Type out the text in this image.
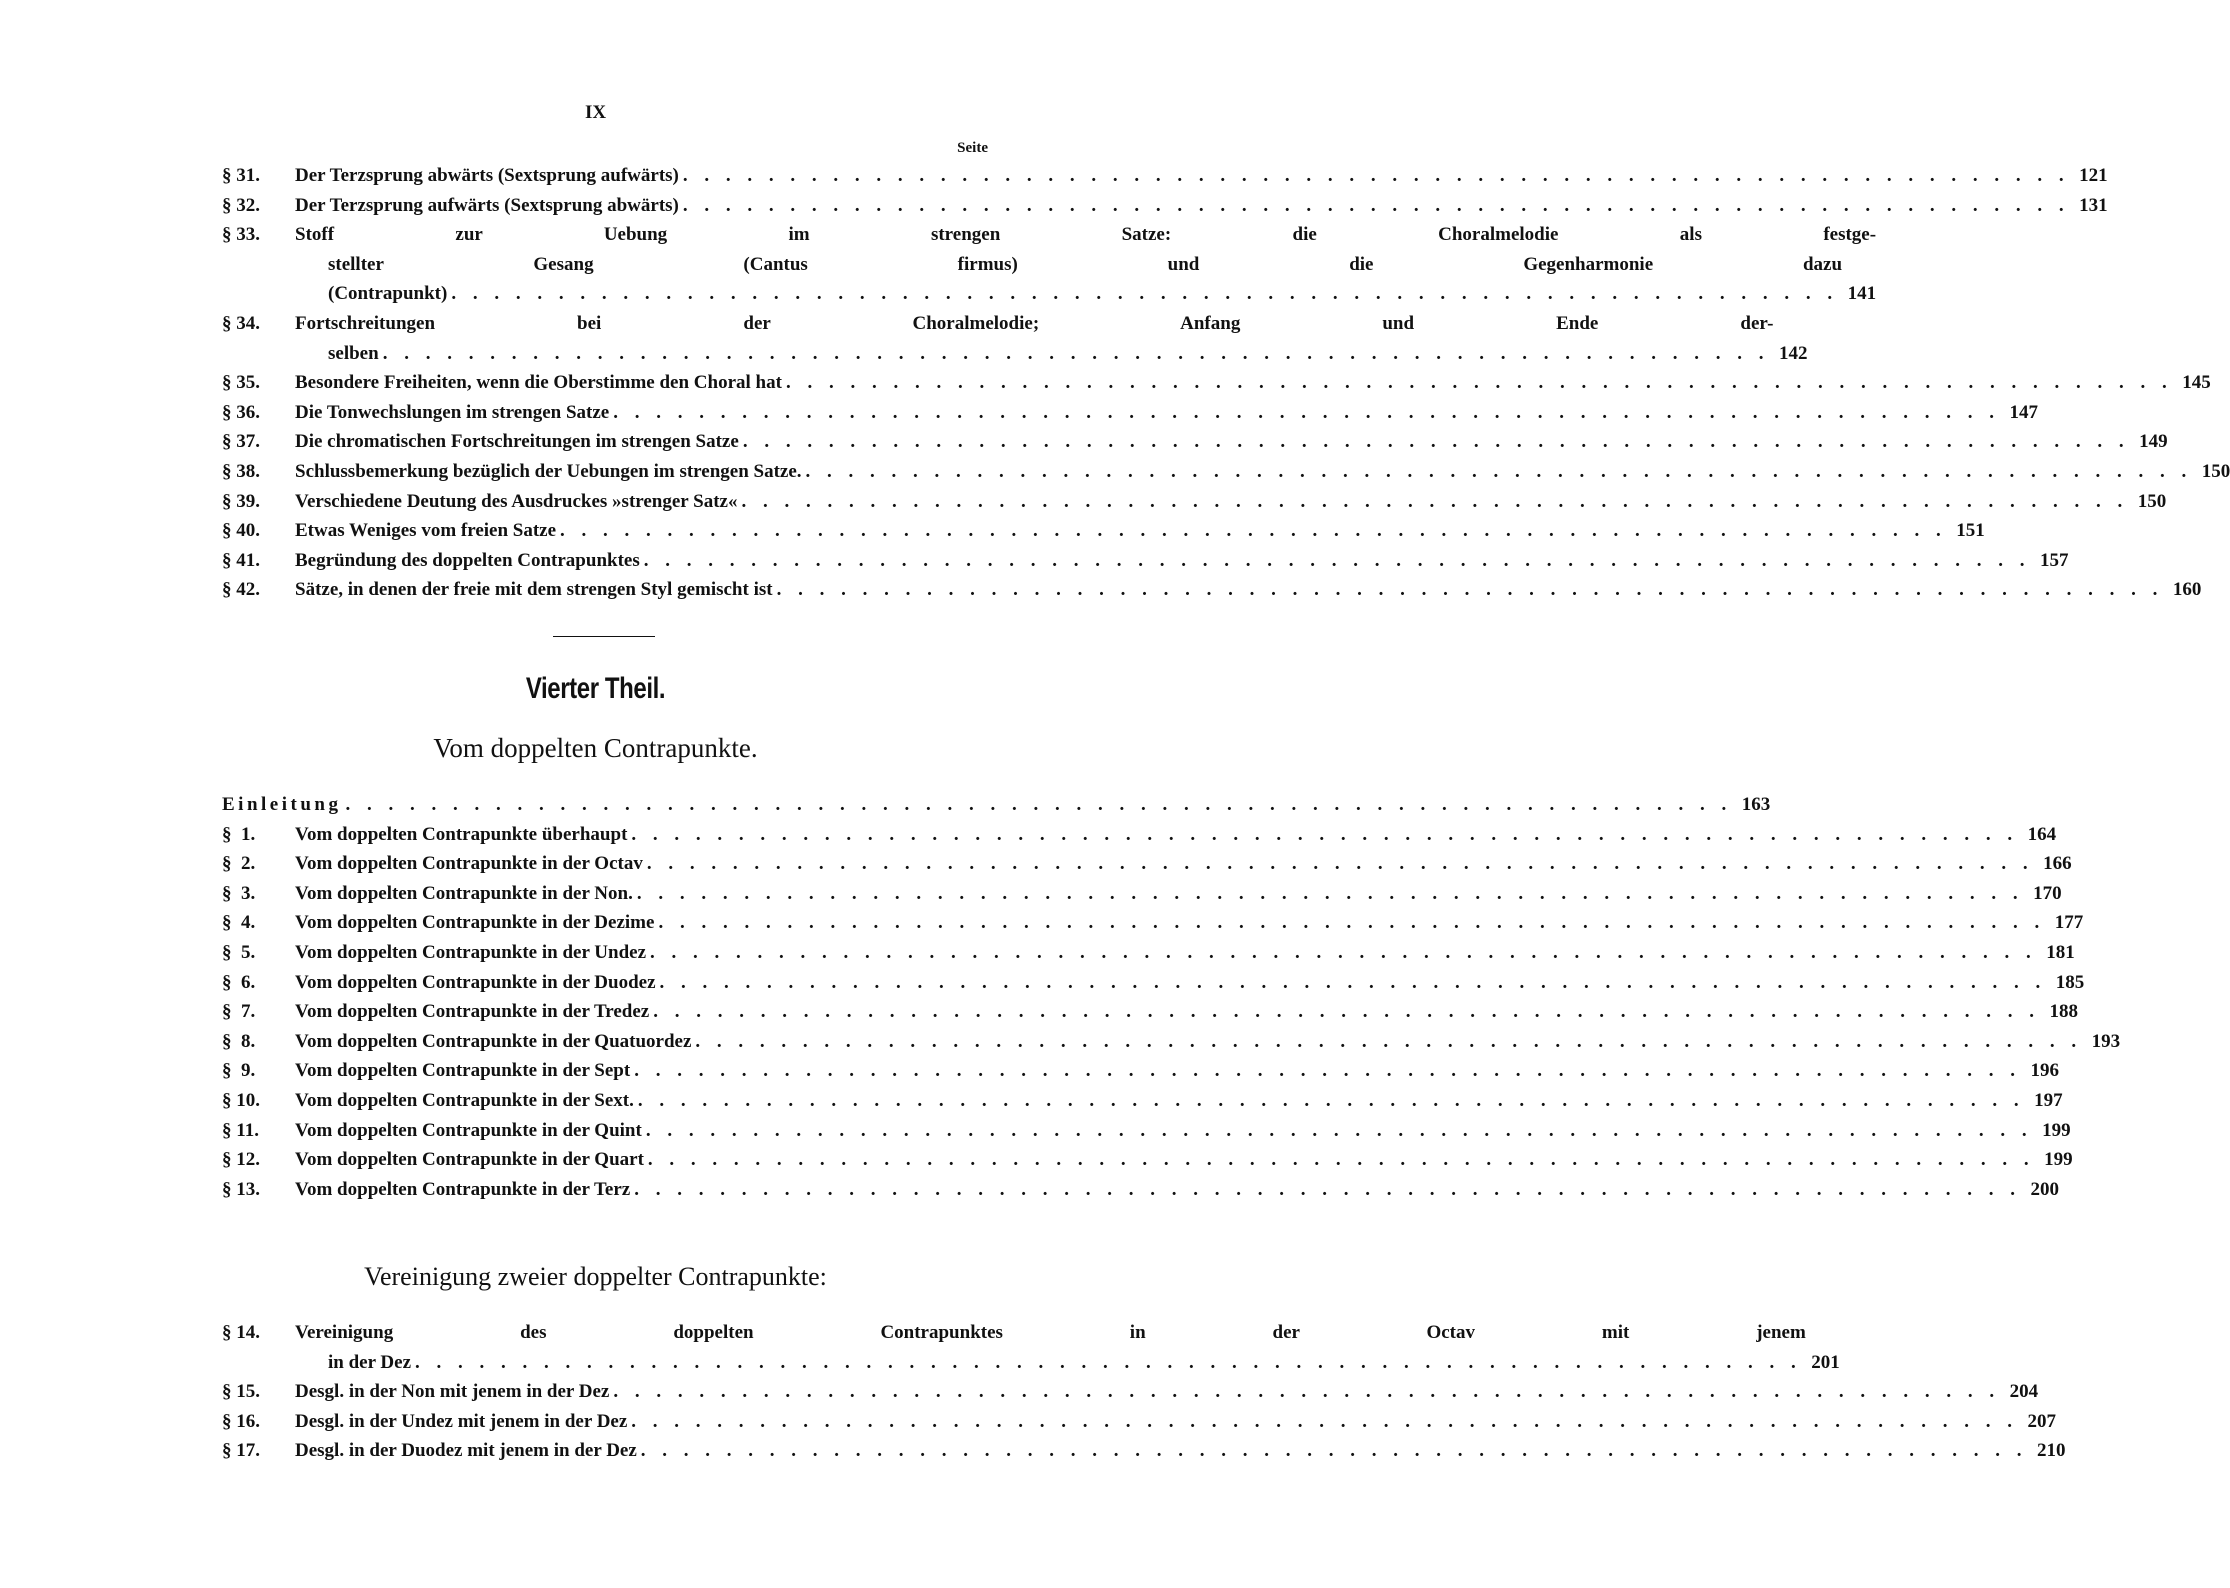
IX
Seite
§ 31.	Der Terzsprung abwärts (Sextsprung aufwärts) . . .	121
§ 32.	Der Terzsprung aufwärts (Sextsprung abwärts) . . .	131
§ 33.	Stoff zur Uebung im strengen Satze: die Choralmelodie als festge-
stellter Gesang (Cantus firmus) und die Gegenharmonie dazu
(Contrapunkt) . . .	141
§ 34.	Fortschreitungen bei der Choralmelodie; Anfang und Ende der-
selben . . .	142
§ 35.	Besondere Freiheiten, wenn die Oberstimme den Choral hat . . .	145
§ 36.	Die Tonwechslungen im strengen Satze . . .	147
§ 37.	Die chromatischen Fortschreitungen im strengen Satze . . .	149
§ 38.	Schlussbemerkung bezüglich der Uebungen im strengen Satze. . . .	150
§ 39.	Verschiedene Deutung des Ausdruckes »strenger Satz« . . .	150
§ 40.	Etwas Weniges vom freien Satze . . .	151
§ 41.	Begründung des doppelten Contrapunktes . . .	157
§ 42.	Sätze, in denen der freie mit dem strengen Styl gemischt ist . . .	160
Vierter Theil.
Vom doppelten Contrapunkte.
Einleitung . . .	163
§  1.	Vom doppelten Contrapunkte überhaupt . . .	164
§  2.	Vom doppelten Contrapunkte in der Octav . . .	166
§  3.	Vom doppelten Contrapunkte in der Non. . . .	170
§  4.	Vom doppelten Contrapunkte in der Dezime . . .	177
§  5.	Vom doppelten Contrapunkte in der Undez . . .	181
§  6.	Vom doppelten Contrapunkte in der Duodez . . .	185
§  7.	Vom doppelten Contrapunkte in der Tredez . . .	188
§  8.	Vom doppelten Contrapunkte in der Quatuordez . . .	193
§  9.	Vom doppelten Contrapunkte in der Sept . . .	196
§ 10.	Vom doppelten Contrapunkte in der Sext. . . .	197
§ 11.	Vom doppelten Contrapunkte in der Quint . . .	199
§ 12.	Vom doppelten Contrapunkte in der Quart . . .	199
§ 13.	Vom doppelten Contrapunkte in der Terz . . .	200
Vereinigung zweier doppelter Contrapunkte:
§ 14.	Vereinigung des doppelten Contrapunktes in der Octav mit jenem
in der Dez . . .	201
§ 15.	Desgl. in der Non mit jenem in der Dez . . .	204
§ 16.	Desgl. in der Undez mit jenem in der Dez . . .	207
§ 17.	Desgl. in der Duodez mit jenem in der Dez . . .	210
